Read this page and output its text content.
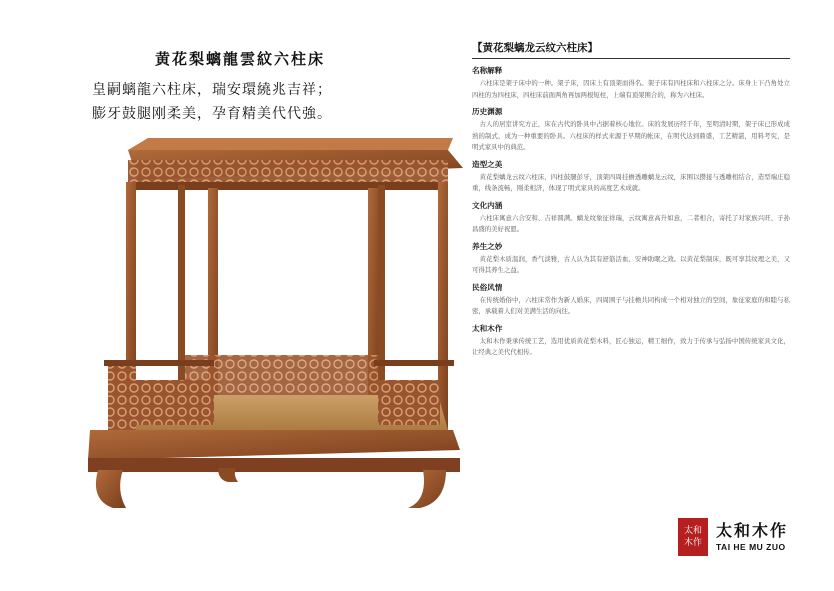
黄花梨螭龍雲紋六柱床
皇嗣螭龍六柱床，瑞安環繞兆吉祥；
膨牙鼓腿刚柔美，孕育精美代代強。
【黄花梨螭龙云纹六柱床】
名称解释

六柱床是架子床中的一种。架子床，因床上有顶架而得名。架子床有四柱床和六柱床之分。床身上下凸角处立四柱的为四柱床，四柱床前面两角再加两根短柱，上端有顶架围合的，称为六柱床。

历史渊源

古人的居室讲究方正，床在古代的卧具中占据着核心地位。床的发展历经千年，至明清时期，架子床已形成成熟的制式，成为一种重要的卧具。六柱床的样式来源于早期的帐床，在明代达到鼎盛，工艺精湛，用料考究，是明式家具中的典范。

造型之美

黄花梨螭龙云纹六柱床，四柱鼓腿彭牙，顶架四周挂檐透雕螭龙云纹，床围以攒接与透雕相结合，造型端庄稳重，线条流畅，刚柔相济，体现了明式家具的高度艺术成就。

文化内涵

六柱床寓意六合安和、吉祥圆满。螭龙纹象征祥瑞，云纹寓意高升如意，二者相合，寄托了对家族兴旺、子孙昌盛的美好祝愿。

养生之妙

黄花梨木质温润，香气淡雅，古人认为其有舒筋活血、安神助眠之效。以黄花梨制床，既可享其纹理之美，又可得其养生之益。

民俗风情

在传统婚俗中，六柱床常作为新人婚床，四周围子与挂檐共同构成一个相对独立的空间，象征家庭的和睦与私密，承载着人们对美满生活的向往。

太和木作

太和木作秉承传统工艺，选用优质黄花梨木料，匠心独运，精工细作，致力于传承与弘扬中国传统家具文化，让经典之美代代相传。

太和木作
太和木作
TAI HE MU ZUO
